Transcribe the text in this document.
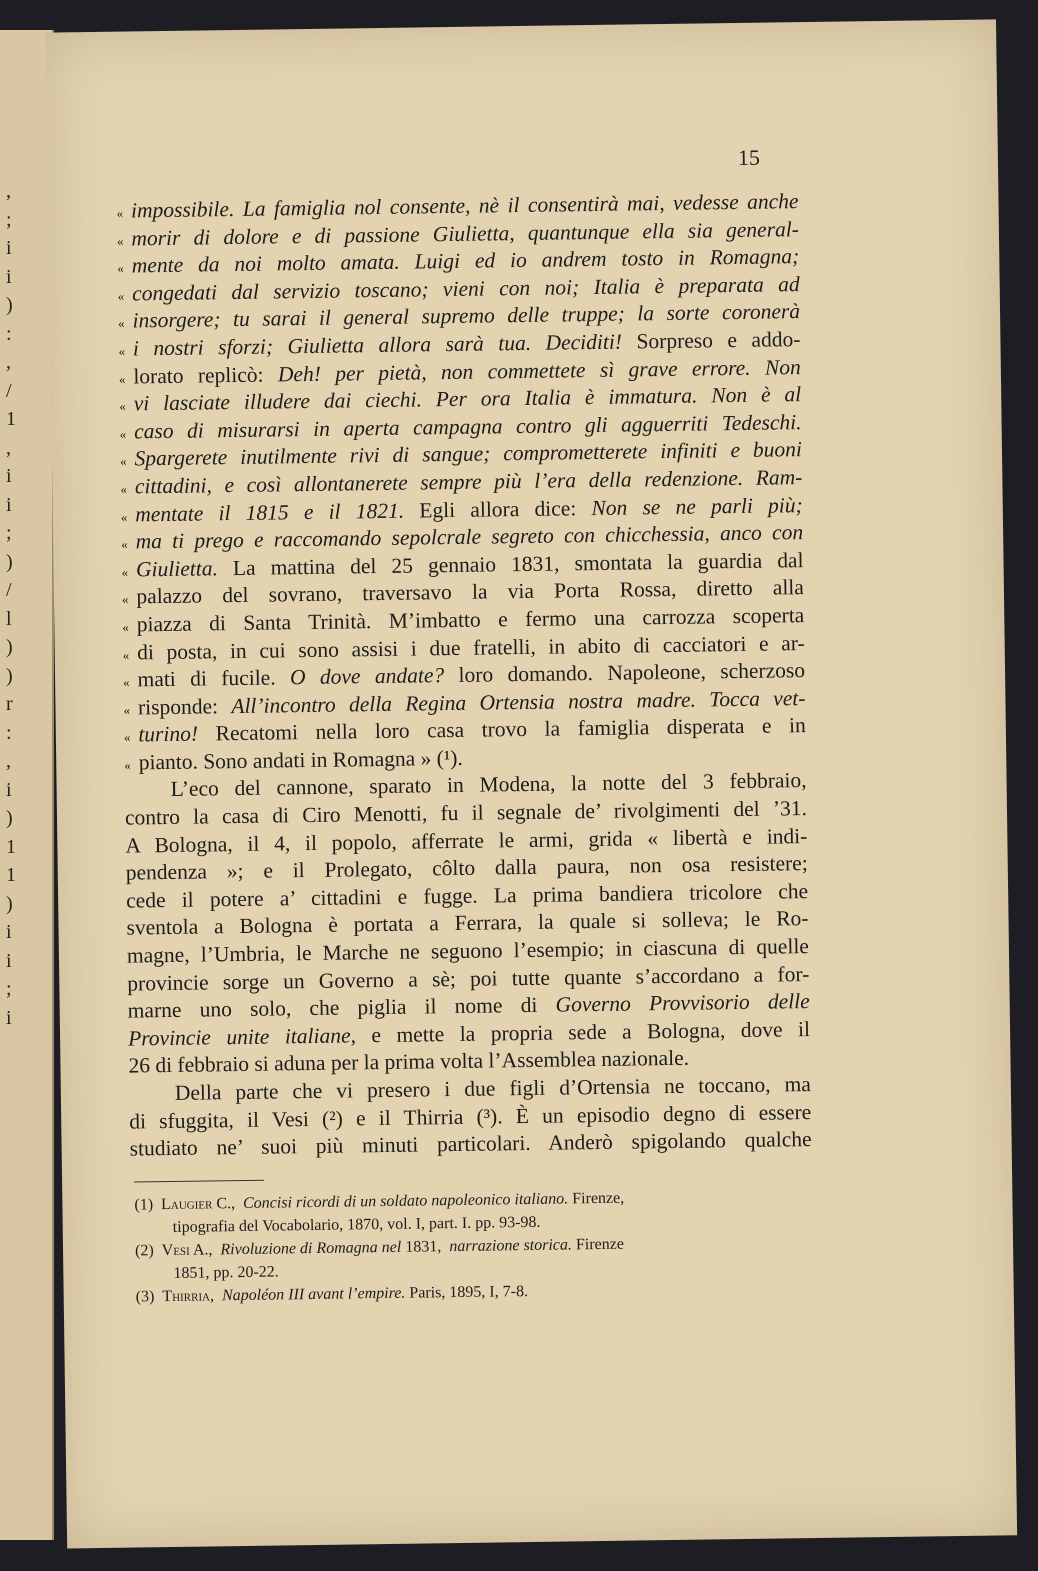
,
;
i
i
)
:
,
/
1
,
i
i
;
)
/
l
)
)
r
:
,
i
)
1
1
)
i
i
;
i
15
« impossibile. La famiglia nol consente, nè il consentirà mai, vedesse anche
« morir di dolore e di passione Giulietta, quantunque ella sia general-
« mente da noi molto amata. Luigi ed io andrem tosto in Romagna;
« congedati dal servizio toscano; vieni con noi; Italia è preparata ad
« insorgere; tu sarai il general supremo delle truppe; la sorte coronerà
« i nostri sforzi; Giulietta allora sarà tua. Deciditi! Sorpreso e addo-
« lorato replicò: Deh! per pietà, non commettete sì grave errore. Non
« vi lasciate illudere dai ciechi. Per ora Italia è immatura. Non è al
« caso di misurarsi in aperta campagna contro gli agguerriti Tedeschi.
« Spargerete inutilmente rivi di sangue; comprometterete infiniti e buoni
« cittadini, e così allontanerete sempre più l’era della redenzione. Ram-
« mentate il 1815 e il 1821. Egli allora dice: Non se ne parli più;
« ma ti prego e raccomando sepolcrale segreto con chicchessia, anco con
« Giulietta. La mattina del 25 gennaio 1831, smontata la guardia dal
« palazzo del sovrano, traversavo la via Porta Rossa, diretto alla
« piazza di Santa Trinità. M’imbatto e fermo una carrozza scoperta
« di posta, in cui sono assisi i due fratelli, in abito di cacciatori e ar-
« mati di fucile. O dove andate? loro domando. Napoleone, scherzoso
« risponde: All’incontro della Regina Ortensia nostra madre. Tocca vet-
« turino! Recatomi nella loro casa trovo la famiglia disperata e in
« pianto. Sono andati in Romagna » (¹).
L’eco del cannone, sparato in Modena, la notte del 3 febbraio,
contro la casa di Ciro Menotti, fu il segnale de’ rivolgimenti del ’31.
A Bologna, il 4, il popolo, afferrate le armi, grida « libertà e indi-
pendenza »; e il Prolegato, côlto dalla paura, non osa resistere;
cede il potere a’ cittadini e fugge. La prima bandiera tricolore che
sventola a Bologna è portata a Ferrara, la quale si solleva; le Ro-
magne, l’Umbria, le Marche ne seguono l’esempio; in ciascuna di quelle
provincie sorge un Governo a sè; poi tutte quante s’accordano a for-
marne uno solo, che piglia il nome di Governo Provvisorio delle
Provincie unite italiane, e mette la propria sede a Bologna, dove il
26 di febbraio si aduna per la prima volta l’Assemblea nazionale.
Della parte che vi presero i due figli d’Ortensia ne toccano, ma
di sfuggita, il Vesi (²) e il Thirria (³). È un episodio degno di essere
studiato ne’ suoi più minuti particolari. Anderò spigolando qualche
(1) Laugier C., Concisi ricordi di un soldato napoleonico italiano. Firenze,
tipografia del Vocabolario, 1870, vol. I, part. I. pp. 93-98.
(2) Vesi A., Rivoluzione di Romagna nel 1831, narrazione storica. Firenze
1851, pp. 20-22.
(3) Thirria, Napoléon III avant l’empire. Paris, 1895, I, 7-8.
